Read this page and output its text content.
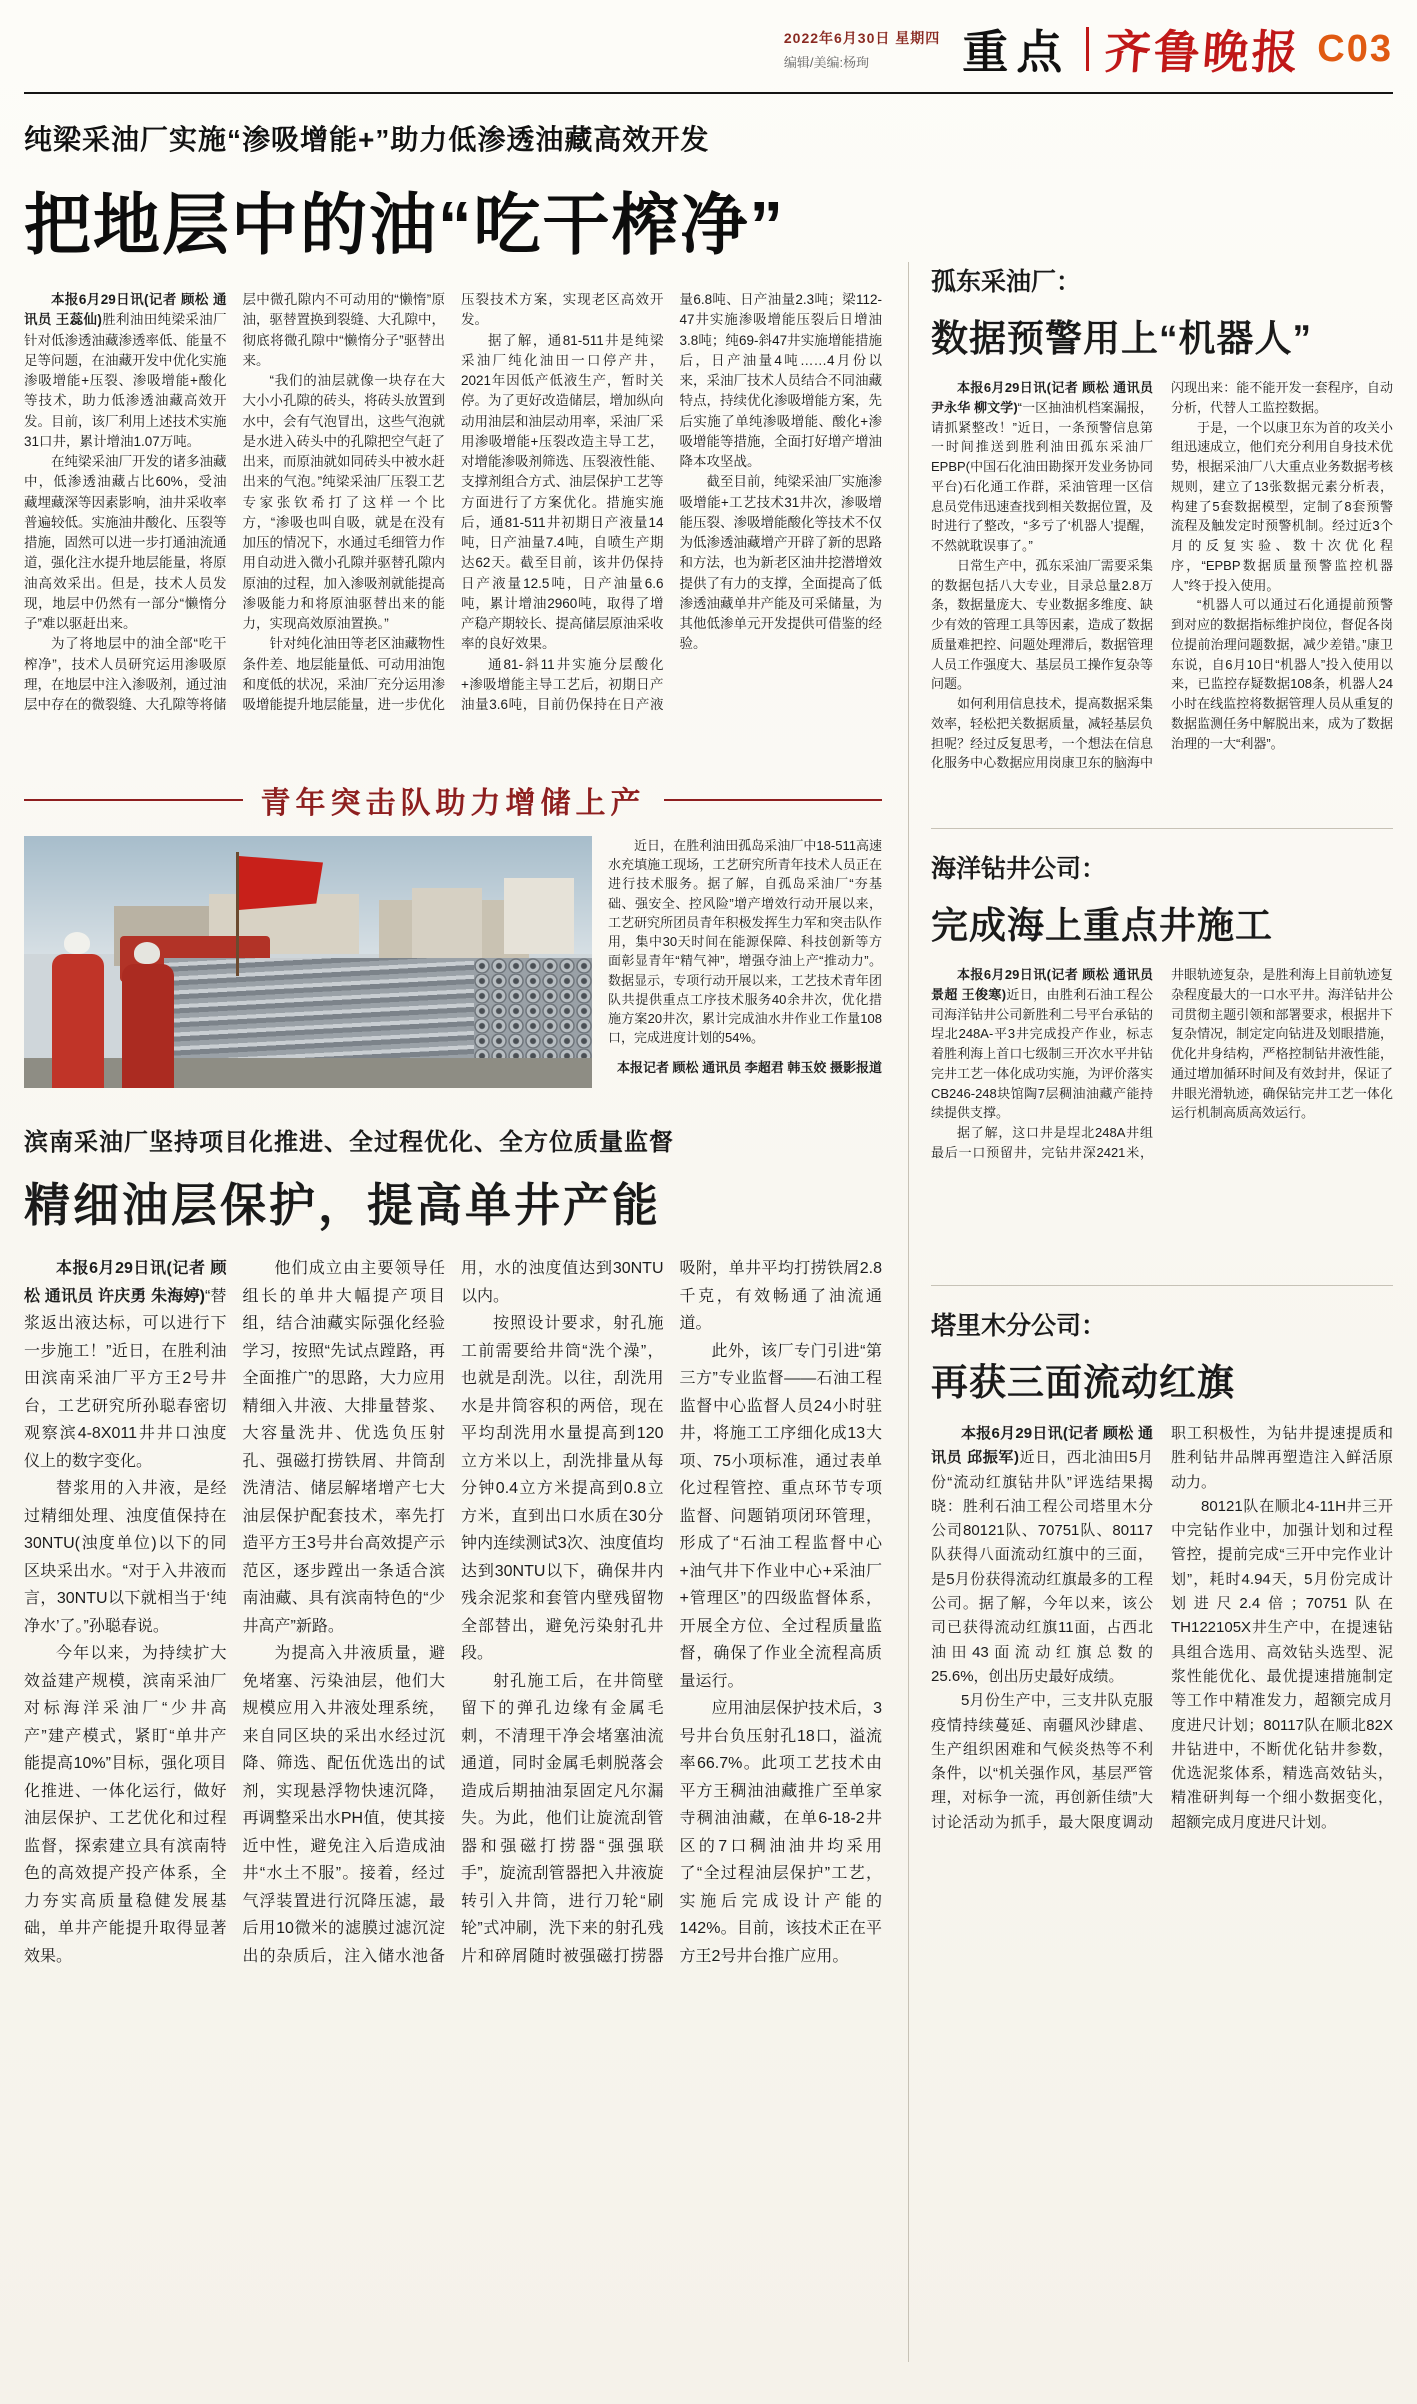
2022年6月30日 星期四
编辑/美编:杨珣	重点 齐鲁晚报 C03
纯梁采油厂实施“渗吸增能+”助力低渗透油藏高效开发
把地层中的油“吃干榨净”

本报6月29日讯(记者 顾松 通讯员 王蕊仙)胜利油田纯梁采油厂针对低渗透油藏渗透率低、能量不足等问题，在油藏开发中优化实施渗吸增能+压裂、渗吸增能+酸化等技术，助力低渗透油藏高效开发。目前，该厂利用上述技术实施31口井，累计增油1.07万吨。

在纯梁采油厂开发的诸多油藏中，低渗透油藏占比60%，受油藏埋藏深等因素影响，油井采收率普遍较低。实施油井酸化、压裂等措施，固然可以进一步打通油流通道，强化注水提升地层能量，将原油高效采出。但是，技术人员发现，地层中仍然有一部分“懒惰分子”难以驱赶出来。

为了将地层中的油全部“吃干榨净”，技术人员研究运用渗吸原理，在地层中注入渗吸剂，通过油层中存在的微裂缝、大孔隙等将储层中微孔隙内不可动用的“懒惰”原油，驱替置换到裂缝、大孔隙中，彻底将微孔隙中“懒惰分子”驱替出来。

“我们的油层就像一块存在大大小小孔隙的砖头，将砖头放置到水中，会有气泡冒出，这些气泡就是水进入砖头中的孔隙把空气赶了出来，而原油就如同砖头中被水赶出来的气泡。”纯梁采油厂压裂工艺专家张钦希打了这样一个比方，“渗吸也叫自吸，就是在没有加压的情况下，水通过毛细管力作用自动进入微小孔隙并驱替孔隙内原油的过程，加入渗吸剂就能提高渗吸能力和将原油驱替出来的能力，实现高效原油置换。”

针对纯化油田等老区油藏物性条件差、地层能量低、可动用油饱和度低的状况，采油厂充分运用渗吸增能提升地层能量，进一步优化压裂技术方案，实现老区高效开发。

据了解，通81-511井是纯梁采油厂纯化油田一口停产井，2021年因低产低液生产，暂时关停。为了更好改造储层，增加纵向动用油层和油层动用率，采油厂采用渗吸增能+压裂改造主导工艺，对增能渗吸剂筛选、压裂液性能、支撑剂组合方式、油层保护工艺等方面进行了方案优化。措施实施后，通81-511井初期日产液量14吨，日产油量7.4吨，自喷生产期达62天。截至目前，该井仍保持日产液量12.5吨，日产油量6.6吨，累计增油2960吨，取得了增产稳产期较长、提高储层原油采收率的良好效果。

通81-斜11井实施分层酸化+渗吸增能主导工艺后，初期日产油量3.6吨，目前仍保持在日产液量6.8吨、日产油量2.3吨；梁112-47井实施渗吸增能压裂后日增油3.8吨；纯69-斜47井实施增能措施后，日产油量4吨……4月份以来，采油厂技术人员结合不同油藏特点，持续优化渗吸增能方案，先后实施了单纯渗吸增能、酸化+渗吸增能等措施，全面打好增产增油降本攻坚战。

截至目前，纯梁采油厂实施渗吸增能+工艺技术31井次，渗吸增能压裂、渗吸增能酸化等技术不仅为低渗透油藏增产开辟了新的思路和方法，也为新老区油井挖潜增效提供了有力的支撑，全面提高了低渗透油藏单井产能及可采储量，为其他低渗单元开发提供可借鉴的经验。

青年突击队助力增储上产

近日，在胜利油田孤岛采油厂中18-511高速水充填施工现场，工艺研究所青年技术人员正在进行技术服务。据了解，自孤岛采油厂“夯基础、强安全、控风险”增产增效行动开展以来，工艺研究所团员青年积极发挥生力军和突击队作用，集中30天时间在能源保障、科技创新等方面彰显青年“精气神”，增强夺油上产“推动力”。数据显示，专项行动开展以来，工艺技术青年团队共提供重点工序技术服务40余井次，优化措施方案20井次，累计完成油水井作业工作量108口，完成进度计划的54%。

本报记者 顾松 通讯员 李超君 韩玉姣 摄影报道

滨南采油厂坚持项目化推进、全过程优化、全方位质量监督
精细油层保护，提高单井产能

本报6月29日讯(记者 顾松 通讯员 许庆勇 朱海婷)“替浆返出液达标，可以进行下一步施工！”近日，在胜利油田滨南采油厂平方王2号井台，工艺研究所孙聪春密切观察滨4-8X011井井口浊度仪上的数字变化。

替浆用的入井液，是经过精细处理、浊度值保持在30NTU(浊度单位)以下的同区块采出水。“对于入井液而言，30NTU以下就相当于‘纯净水’了。”孙聪春说。

今年以来，为持续扩大效益建产规模，滨南采油厂对标海洋采油厂“少井高产”建产模式，紧盯“单井产能提高10%”目标，强化项目化推进、一体化运行，做好油层保护、工艺优化和过程监督，探索建立具有滨南特色的高效提产投产体系，全力夯实高质量稳健发展基础，单井产能提升取得显著效果。

他们成立由主要领导任组长的单井大幅提产项目组，结合油藏实际强化经验学习，按照“先试点蹚路，再全面推广”的思路，大力应用精细入井液、大排量替浆、大容量洗井、优选负压射孔、强磁打捞铁屑、井筒刮洗清洁、储层解堵增产七大油层保护配套技术，率先打造平方王3号井台高效提产示范区，逐步蹚出一条适合滨南油藏、具有滨南特色的“少井高产”新路。

为提高入井液质量，避免堵塞、污染油层，他们大规模应用入井液处理系统，来自同区块的采出水经过沉降、筛选、配伍优选出的试剂，实现悬浮物快速沉降，再调整采出水PH值，使其接近中性，避免注入后造成油井“水土不服”。接着，经过气浮装置进行沉降压滤，最后用10微米的滤膜过滤沉淀出的杂质后，注入储水池备用，水的浊度值达到30NTU以内。

按照设计要求，射孔施工前需要给井筒“洗个澡”，也就是刮洗。以往，刮洗用水是井筒容积的两倍，现在平均刮洗用水量提高到120立方米以上，刮洗排量从每分钟0.4立方米提高到0.8立方米，直到出口水质在30分钟内连续测试3次、浊度值均达到30NTU以下，确保井内残余泥浆和套管内壁残留物全部替出，避免污染射孔井段。

射孔施工后，在井筒壁留下的弹孔边缘有金属毛刺，不清理干净会堵塞油流通道，同时金属毛刺脱落会造成后期抽油泵固定凡尔漏失。为此，他们让旋流刮管器和强磁打捞器“强强联手”，旋流刮管器把入井液旋转引入井筒，进行刀轮“刷轮”式冲刷，洗下来的射孔残片和碎屑随时被强磁打捞器吸附，单井平均打捞铁屑2.8千克，有效畅通了油流通道。

此外，该厂专门引进“第三方”专业监督——石油工程监督中心监督人员24小时驻井，将施工工序细化成13大项、75小项标准，通过表单化过程管控、重点环节专项监督、问题销项闭环管理，形成了“石油工程监督中心+油气井下作业中心+采油厂+管理区”的四级监督体系，开展全方位、全过程质量监督，确保了作业全流程高质量运行。

应用油层保护技术后，3号井台负压射孔18口，溢流率66.7%。此项工艺技术由平方王稠油油藏推广至单家寺稠油油藏，在单6-18-2井区的7口稠油油井均采用了“全过程油层保护”工艺，实施后完成设计产能的142%。目前，该技术正在平方王2号井台推广应用。

孤东采油厂：
数据预警用上“机器人”

本报6月29日讯(记者 顾松 通讯员 尹永华 柳文学)“一区抽油机档案漏报，请抓紧整改！”近日，一条预警信息第一时间推送到胜利油田孤东采油厂EPBP(中国石化油田勘探开发业务协同平台)石化通工作群，采油管理一区信息员党伟迅速查找到相关数据位置，及时进行了整改，“多亏了‘机器人’提醒，不然就耽误事了。”

日常生产中，孤东采油厂需要采集的数据包括八大专业，目录总量2.8万条，数据量庞大、专业数据多维度、缺少有效的管理工具等因素，造成了数据质量难把控、问题处理滞后，数据管理人员工作强度大、基层员工操作复杂等问题。

如何利用信息技术，提高数据采集效率，轻松把关数据质量，减轻基层负担呢？经过反复思考，一个想法在信息化服务中心数据应用岗康卫东的脑海中闪现出来：能不能开发一套程序，自动分析，代替人工监控数据。

于是，一个以康卫东为首的攻关小组迅速成立，他们充分利用自身技术优势，根据采油厂八大重点业务数据考核规则，建立了13张数据元素分析表，构建了5套数据模型，定制了8套预警流程及触发定时预警机制。经过近3个月的反复实验、数十次优化程序，“EPBP数据质量预警监控机器人”终于投入使用。

“机器人可以通过石化通提前预警到对应的数据指标维护岗位，督促各岗位提前治理问题数据，减少差错。”康卫东说，自6月10日“机器人”投入使用以来，已监控存疑数据108条，机器人24小时在线监控将数据管理人员从重复的数据监测任务中解脱出来，成为了数据治理的一大“利器”。

海洋钻井公司：
完成海上重点井施工

本报6月29日讯(记者 顾松 通讯员 景超 王俊寒)近日，由胜利石油工程公司海洋钻井公司新胜利二号平台承钻的埕北248A-平3井完成投产作业，标志着胜利海上首口七级制三开次水平井钻完井工艺一体化成功实施，为评价落实CB246-248块馆陶7层稠油油藏产能持续提供支撑。

据了解，这口井是埕北248A井组最后一口预留井，完钻井深2421米，井眼轨迹复杂，是胜利海上目前轨迹复杂程度最大的一口水平井。海洋钻井公司贯彻主题引领和部署要求，根据井下复杂情况，制定定向钻进及划眼措施，优化井身结构，严格控制钻井液性能，通过增加循环时间及有效封井，保证了井眼光滑轨迹，确保钻完井工艺一体化运行机制高质高效运行。

塔里木分公司：
再获三面流动红旗

本报6月29日讯(记者 顾松 通讯员 邱振军)近日，西北油田5月份“流动红旗钻井队”评选结果揭晓：胜利石油工程公司塔里木分公司80121队、70751队、80117队获得八面流动红旗中的三面，是5月份获得流动红旗最多的工程公司。据了解，今年以来，该公司已获得流动红旗11面，占西北油田43面流动红旗总数的25.6%，创出历史最好成绩。

5月份生产中，三支井队克服疫情持续蔓延、南疆风沙肆虐、生产组织困难和气候炎热等不利条件，以“机关强作风，基层严管理，对标争一流，再创新佳绩”大讨论活动为抓手，最大限度调动职工积极性，为钻井提速提质和胜利钻井品牌再塑造注入鲜活原动力。

80121队在顺北4-11H井三开中完钻作业中，加强计划和过程管控，提前完成“三开中完作业计划”，耗时4.94天，5月份完成计划进尺2.4倍；70751队在TH122105X井生产中，在提速钻具组合选用、高效钻头选型、泥浆性能优化、最优提速措施制定等工作中精准发力，超额完成月度进尺计划；80117队在顺北82X井钻进中，不断优化钻井参数，优选泥浆体系，精选高效钻头，精准研判每一个细小数据变化，超额完成月度进尺计划。
